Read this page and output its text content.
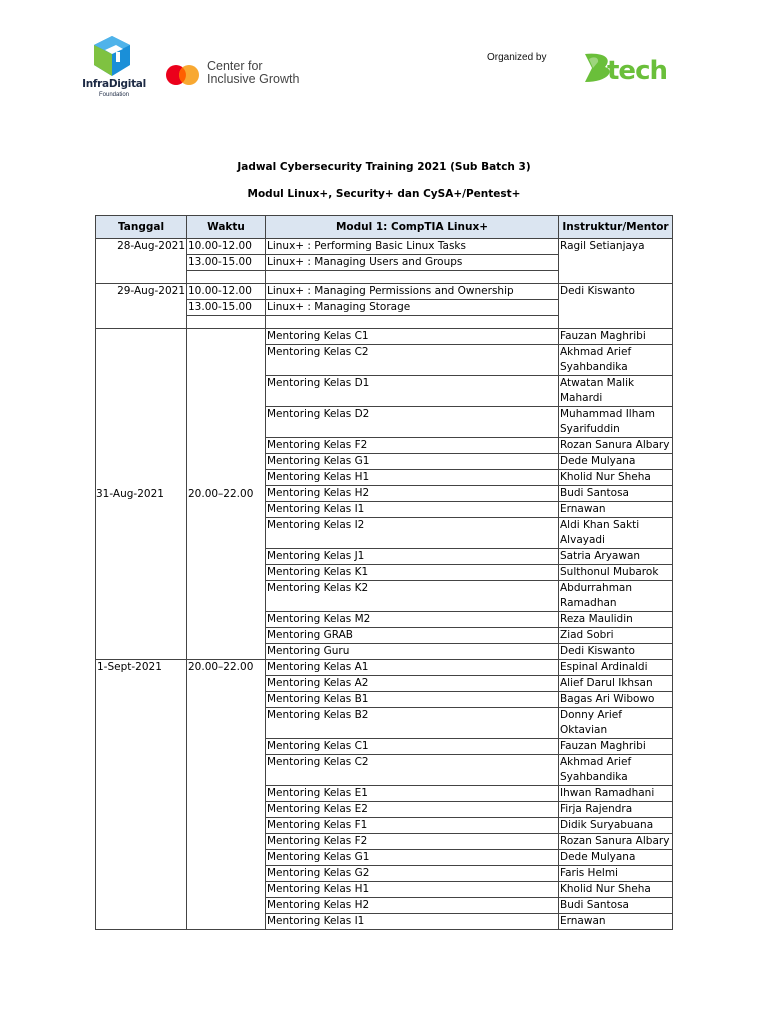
InfraDigital
Foundation
Center for
Inclusive Growth
Organized by tech
Jadwal Cybersecurity Training 2021 (Sub Batch 3)
Modul Linux+, Security+ dan CySA+/Pentest+
Tanggal	Waktu	Modul 1: CompTIA Linux+	Instruktur/Mentor
28-Aug-2021	10.00-12.00	Linux+ : Performing Basic Linux Tasks	Ragil Setianjaya
	13.00-15.00	Linux+ : Managing Users and Groups	

29-Aug-2021	10.00-12.00	Linux+ : Managing Permissions and Ownership	Dedi Kiswanto
	13.00-15.00	Linux+ : Managing Storage	

31-Aug-2021	20.00–22.00	Mentoring Kelas C1	Fauzan Maghribi
		Mentoring Kelas C2	Akhmad Arief Syahbandika
		Mentoring Kelas D1	Atwatan Malik Mahardi
		Mentoring Kelas D2	Muhammad Ilham Syarifuddin
		Mentoring Kelas F2	Rozan Sanura Albary
		Mentoring Kelas G1	Dede Mulyana
		Mentoring Kelas H1	Kholid Nur Sheha
		Mentoring Kelas H2	Budi Santosa
		Mentoring Kelas I1	Ernawan
		Mentoring Kelas I2	Aldi Khan Sakti Alvayadi
		Mentoring Kelas J1	Satria Aryawan
		Mentoring Kelas K1	Sulthonul Mubarok
		Mentoring Kelas K2	Abdurrahman Ramadhan
		Mentoring Kelas M2	Reza Maulidin
		Mentoring GRAB	Ziad Sobri
		Mentoring Guru	Dedi Kiswanto
1-Sept-2021	20.00–22.00	Mentoring Kelas A1	Espinal Ardinaldi
		Mentoring Kelas A2	Alief Darul Ikhsan
		Mentoring Kelas B1	Bagas Ari Wibowo
		Mentoring Kelas B2	Donny Arief Oktavian
		Mentoring Kelas C1	Fauzan Maghribi
		Mentoring Kelas C2	Akhmad Arief Syahbandika
		Mentoring Kelas E1	Ihwan Ramadhani
		Mentoring Kelas E2	Firja Rajendra
		Mentoring Kelas F1	Didik Suryabuana
		Mentoring Kelas F2	Rozan Sanura Albary
		Mentoring Kelas G1	Dede Mulyana
		Mentoring Kelas G2	Faris Helmi
		Mentoring Kelas H1	Kholid Nur Sheha
		Mentoring Kelas H2	Budi Santosa
		Mentoring Kelas I1	Ernawan
